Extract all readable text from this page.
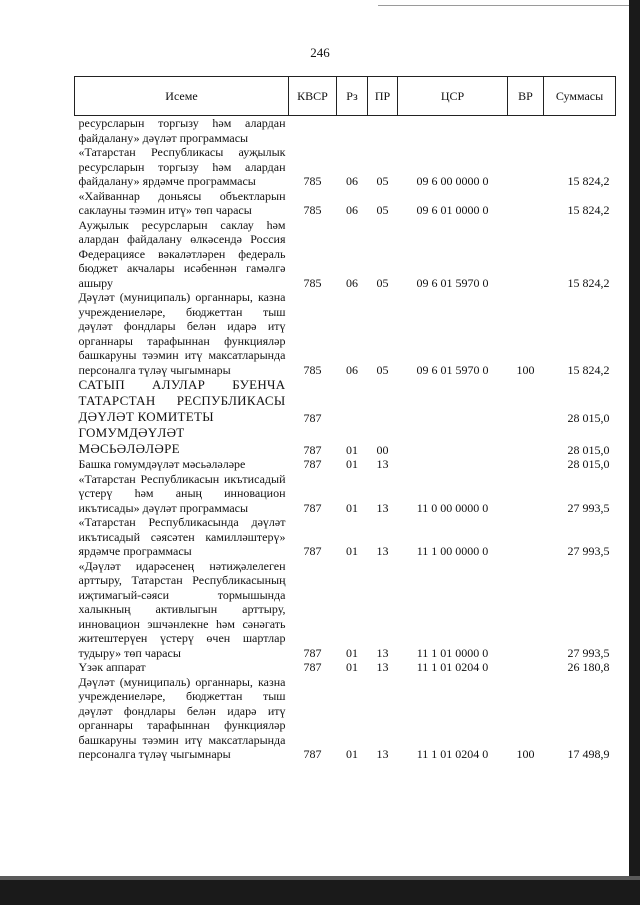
246
Исеме	КВСР	Рз	ПР	ЦСР	ВР	Суммасы
ресурсларын торгызу һәм алардан файдалану» дәүләт программасы						
«Татарстан Республикасы ауҗылык ресурсларын торгызу һәм алардан файдалану» ярдәмче программасы	785	06	05	09 6 00 0000 0		15 824,2
«Хайваннар доньясы объектларын саклауны тәэмин итү» төп чарасы	785	06	05	09 6 01 0000 0		15 824,2
Ауҗылык ресурсларын саклау һәм алардан файдалану өлкәсендә Россия Федерациясе вәкаләтләрен федераль бюджет акчалары исәбеннән гамәлгә ашыру	785	06	05	09 6 01 5970 0		15 824,2
Дәүләт (муниципаль) органнары, казна учреждениеләре, бюджеттан тыш дәүләт фондлары белән идарә итү органнары тарафыннан функцияләр башкаруны тәэмин итү максатларында персоналга түләү чыгымнары	785	06	05	09 6 01 5970 0	100	15 824,2
САТЫП АЛУЛАР БУЕНЧА ТАТАРСТАН РЕСПУБЛИКАСЫ ДӘҮЛӘТ КОМИТЕТЫ	787					28 015,0
ГОМУМДӘҮЛӘТ МӘСЬӘЛӘЛӘРЕ	787	01	00			28 015,0
Башка гомумдәүләт мәсьәләләре	787	01	13			28 015,0
«Татарстан Республикасын икътисадый үстерү һәм аның инновацион икътисады» дәүләт программасы	787	01	13	11 0 00 0000 0		27 993,5
«Татарстан Республикасында дәүләт икътисадый сәясәтен камилләштерү» ярдәмче программасы	787	01	13	11 1 00 0000 0		27 993,5
«Дәүләт идарәсенең нәтиҗәлелеген арттыру, Татарстан Республикасының иҗтимагый-сәяси тормышында халыкның активлыгын арттыру, инновацион эшчәнлекне һәм сәнәгать житештерүен үстерү өчен шартлар тудыру» төп чарасы	787	01	13	11 1 01 0000 0		27 993,5
Үзәк аппарат	787	01	13	11 1 01 0204 0		26 180,8
Дәүләт (муниципаль) органнары, казна учреждениеләре, бюджеттан тыш дәүләт фондлары белән идарә итү органнары тарафыннан функцияләр башкаруны тәэмин итү максатларында персоналга түләү чыгымнары	787	01	13	11 1 01 0204 0	100	17 498,9
